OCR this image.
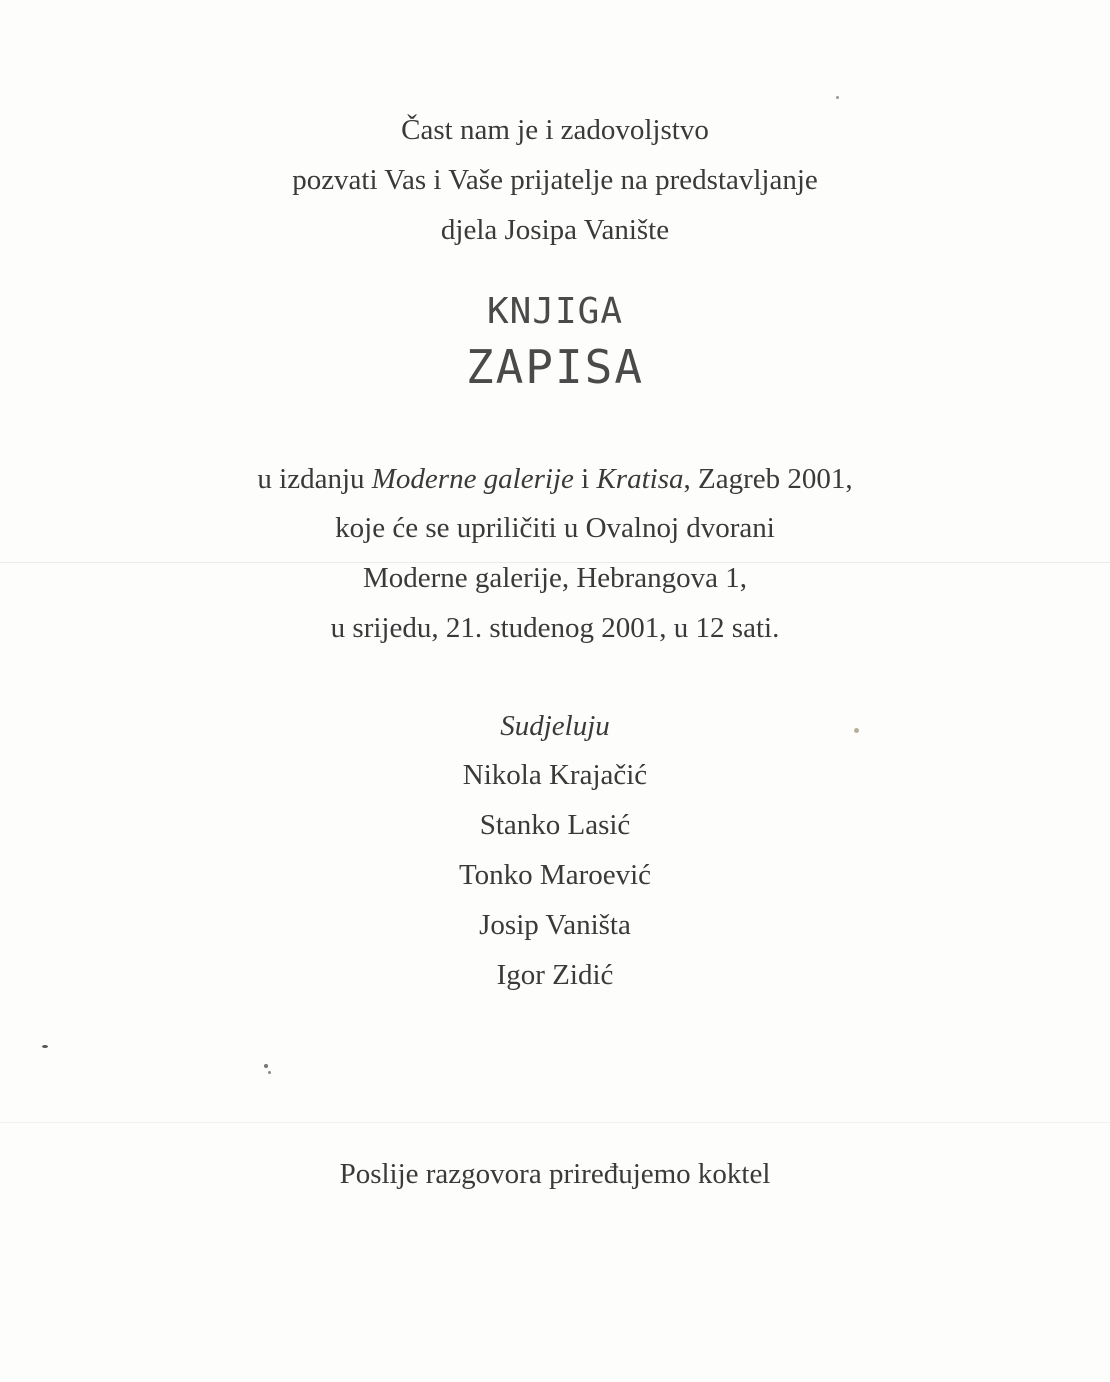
Čast nam je i zadovoljstvo
pozvati Vas i Vaše prijatelje na predstavljanje
djela Josipa Vanište
KNJIGA
ZAPISA
u izdanju Moderne galerije i Kratisa, Zagreb 2001,
koje će se upriličiti u Ovalnoj dvorani
Moderne galerije, Hebrangova 1,
u srijedu, 21. studenog 2001, u 12 sati.
Sudjeluju
Nikola Krajačić
Stanko Lasić
Tonko Maroević
Josip Vaništa
Igor Zidić
Poslije razgovora priređujemo koktel
